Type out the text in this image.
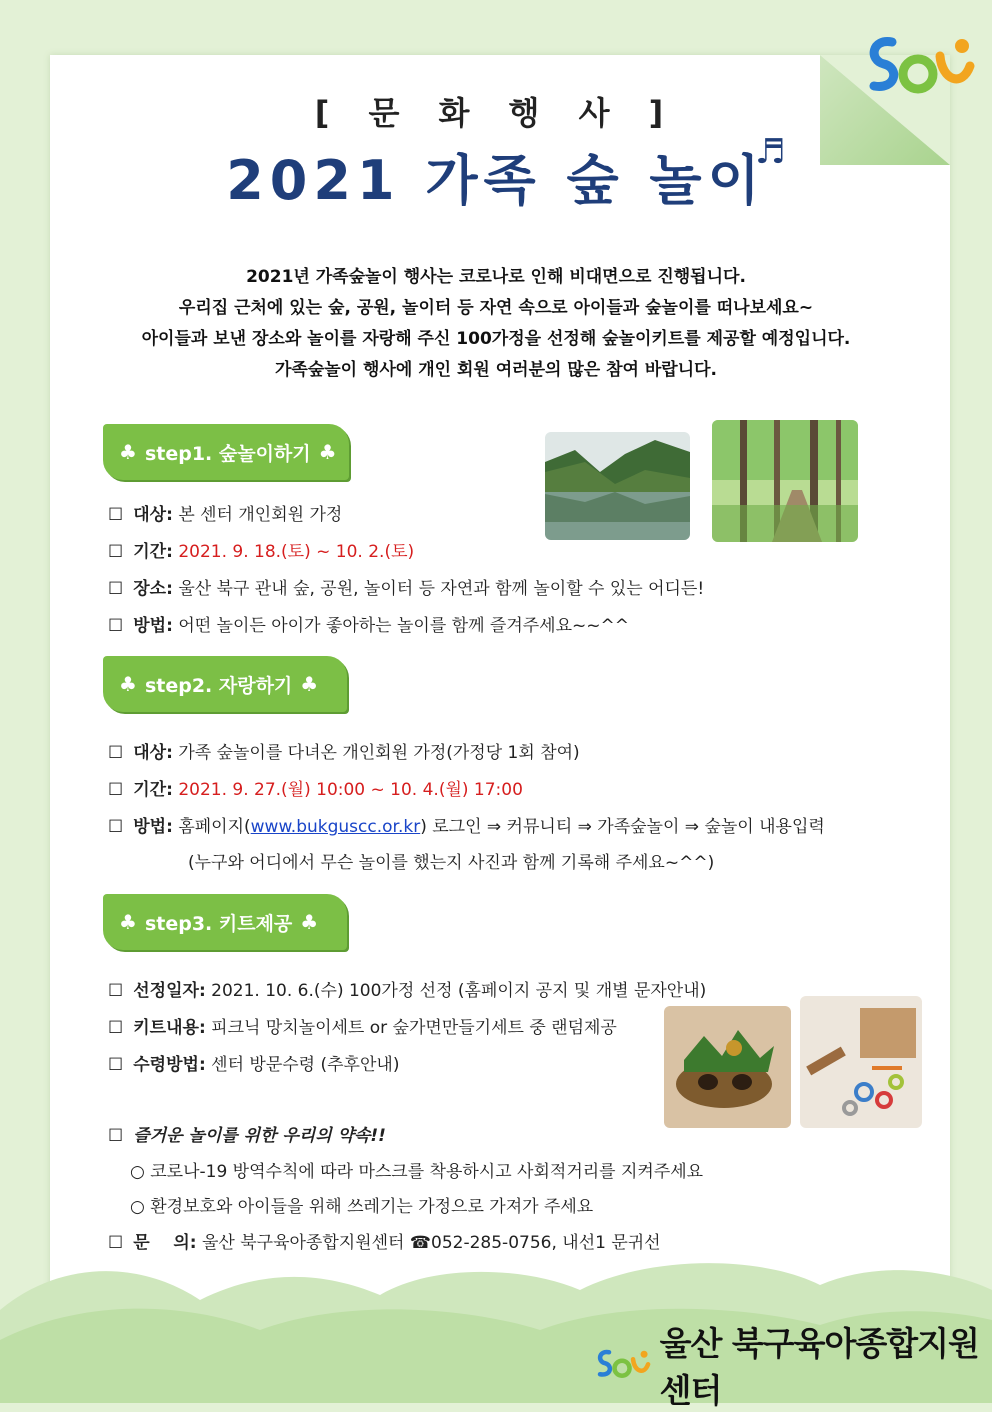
[ 문 화 행 사 ]
2021 가족 숲 놀이
♬
2021년 가족숲놀이 행사는 코로나로 인해 비대면으로 진행됩니다.
우리집 근처에 있는 숲, 공원, 놀이터 등 자연 속으로 아이들과 숲놀이를 떠나보세요~
아이들과 보낸 장소와 놀이를 자랑해 주신 100가정을 선정해 숲놀이키트를 제공할 예정입니다.
가족숲놀이 행사에 개인 회원 여러분의 많은 참여 바랍니다.
♣ step1. 숲놀이하기 ♣
☐ 대상: 본 센터 개인회원 가정
☐ 기간: 2021. 9. 18.(토) ~ 10. 2.(토)
☐ 장소: 울산 북구 관내 숲, 공원, 놀이터 등 자연과 함께 놀이할 수 있는 어디든!
☐ 방법: 어떤 놀이든 아이가 좋아하는 놀이를 함께 즐겨주세요~~^^
♣ step2. 자랑하기 ♣
☐ 대상: 가족 숲놀이를 다녀온 개인회원 가정(가정당 1회 참여)
☐ 기간: 2021. 9. 27.(월) 10:00 ~ 10. 4.(월) 17:00
☐ 방법: 홈페이지(www.bukguscc.or.kr) 로그인 ⇒ 커뮤니티 ⇒ 가족숲놀이 ⇒ 숲놀이 내용입력
(누구와 어디에서 무슨 놀이를 했는지 사진과 함께 기록해 주세요~^^)
♣ step3. 키트제공 ♣
☐ 선정일자: 2021. 10. 6.(수) 100가정 선정 (홈페이지 공지 및 개별 문자안내)
☐ 키트내용: 피크닉 망치놀이세트 or 숲가면만들기세트 중 랜덤제공
☐ 수령방법: 센터 방문수령 (추후안내)
☐ 즐거운 놀이를 위한 우리의 약속!!
○ 코로나-19 방역수칙에 따라 마스크를 착용하시고 사회적거리를 지켜주세요
○ 환경보호와 아이들을 위해 쓰레기는 가정으로 가져가 주세요
☐ 문    의: 울산 북구육아종합지원센터 ☎052-285-0756, 내선1 문귀선
울산 북구육아종합지원센터
